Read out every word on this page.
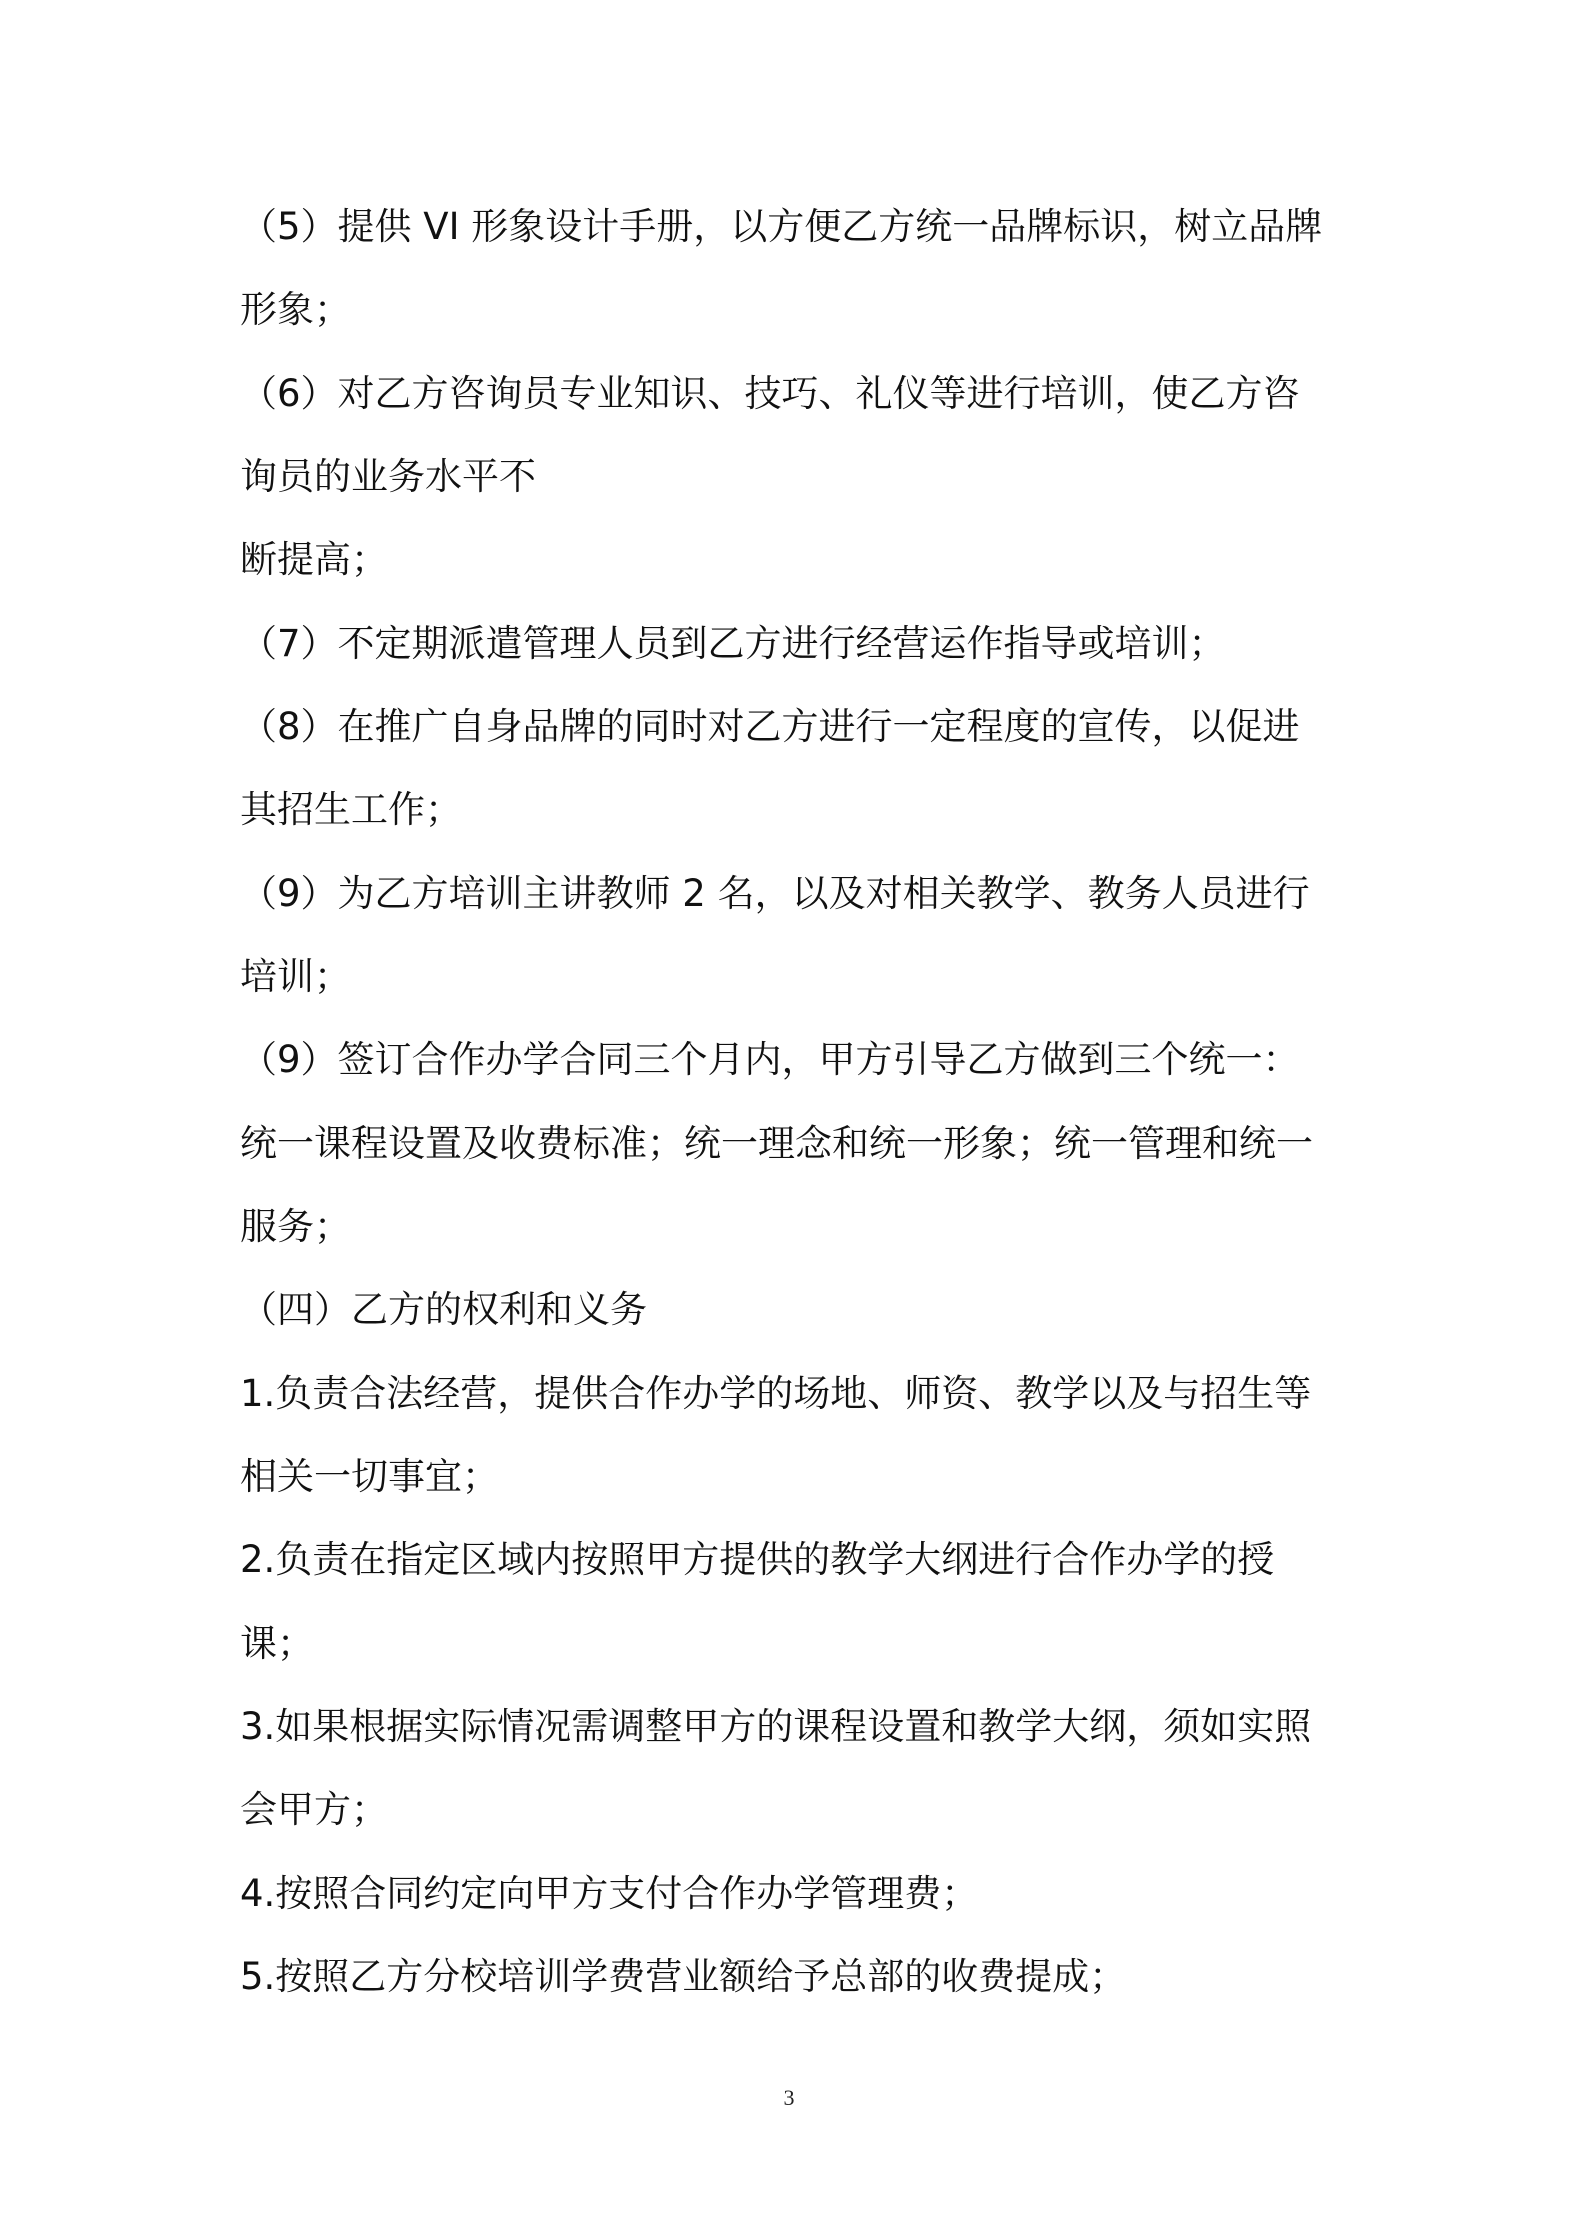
（5）提供 VI 形象设计手册，以方便乙方统一品牌标识，树立品牌

形象；

（6）对乙方咨询员专业知识、技巧、礼仪等进行培训，使乙方咨

询员的业务水平不

断提高；

（7）不定期派遣管理人员到乙方进行经营运作指导或培训；

（8）在推广自身品牌的同时对乙方进行一定程度的宣传，以促进

其招生工作；

（9）为乙方培训主讲教师 2 名，以及对相关教学、教务人员进行

培训；

（9）签订合作办学合同三个月内，甲方引导乙方做到三个统一：

统一课程设置及收费标准；统一理念和统一形象；统一管理和统一

服务；

（四）乙方的权利和义务

1.负责合法经营，提供合作办学的场地、师资、教学以及与招生等

相关一切事宜；

2.负责在指定区域内按照甲方提供的教学大纲进行合作办学的授

课；

3.如果根据实际情况需调整甲方的课程设置和教学大纲，须如实照

会甲方；

4.按照合同约定向甲方支付合作办学管理费；

5.按照乙方分校培训学费营业额给予总部的收费提成；

3
